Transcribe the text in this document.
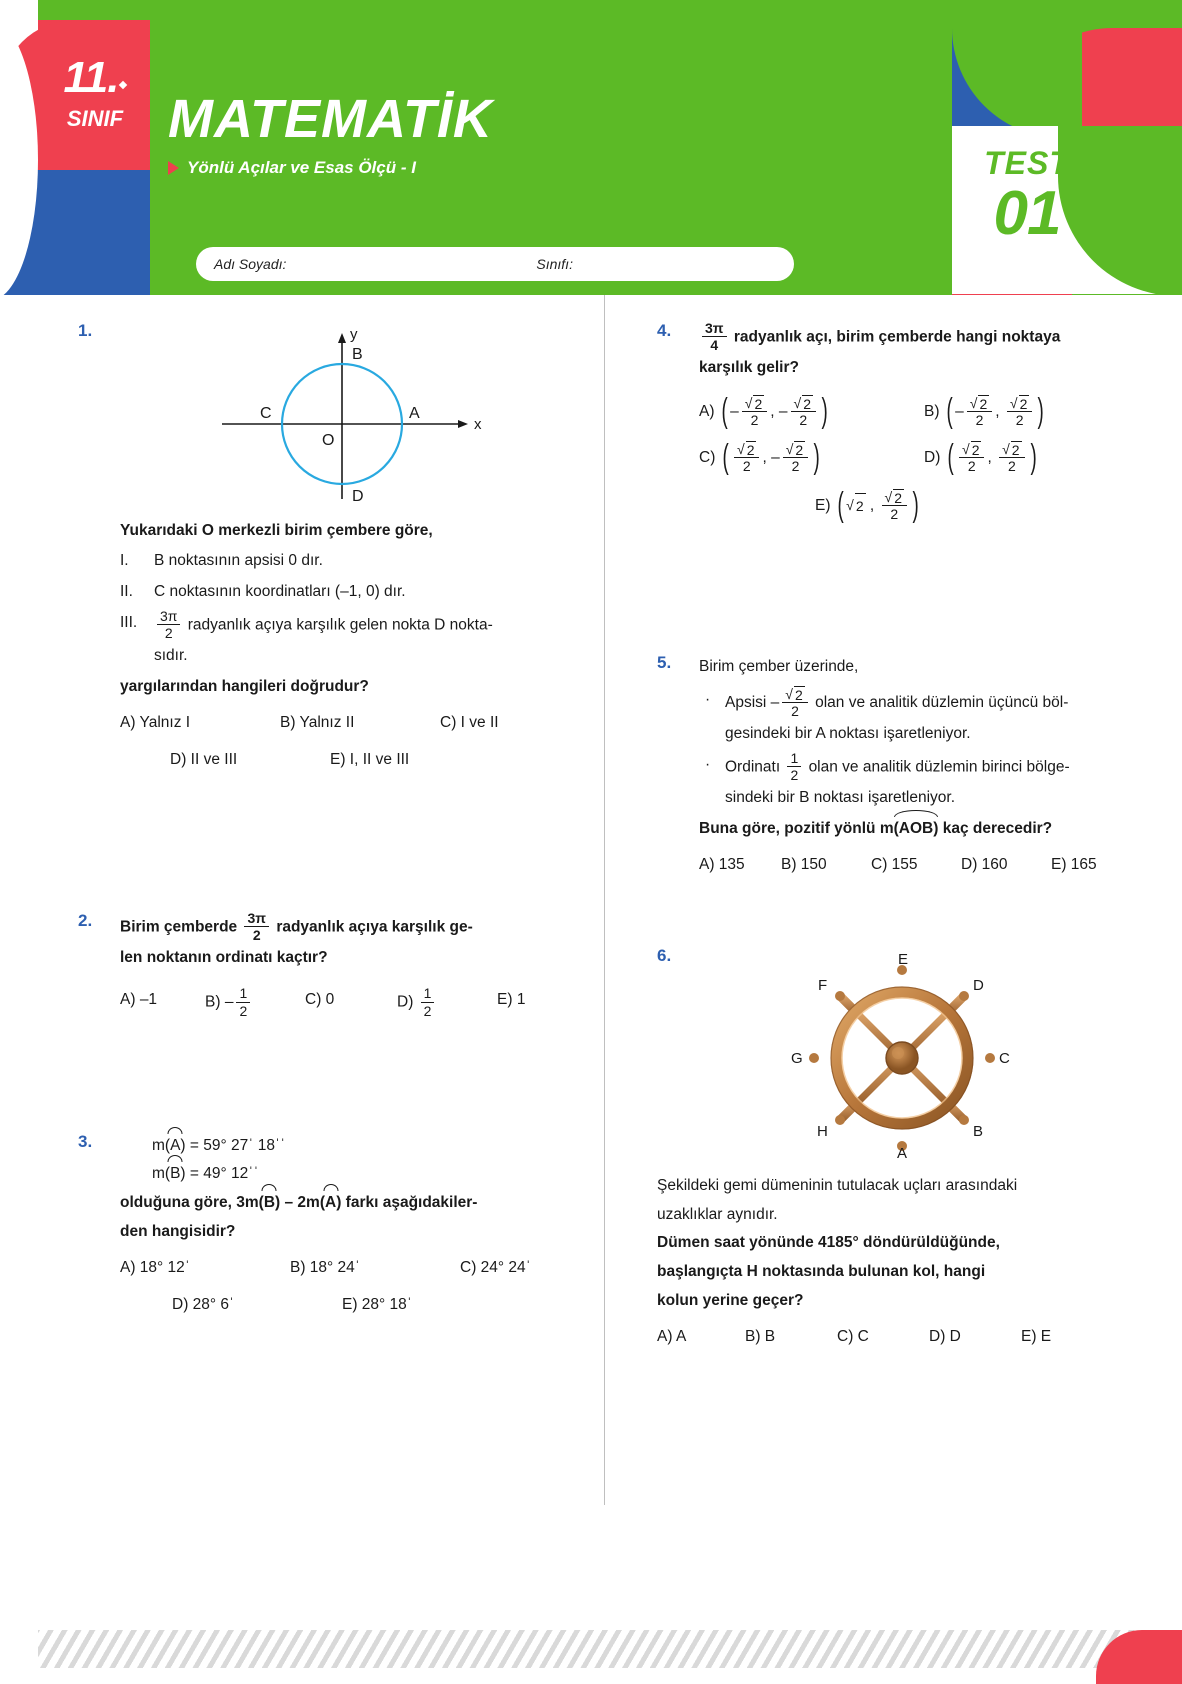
11.
SINIF MATEMATİK
Yönlü Açılar ve Esas Ölçü - I	TEST
01
Adı Soyadı:	Sınıfı:
1.
x
y
B
A
C
D
O
Yukarıdaki O merkezli birim çembere göre,
I.	B noktasının apsisi 0 dır.
II.	C noktasının koordinatları (–1, 0) dır.
III.	$\frac{3\pi}{2}$ radyanlık açıya karşılık gelen nokta D nokta-
sıdır.
yargılarından hangileri doğrudur?
A) Yalnız I	B) Yalnız II	C) I ve II
D) II ve III	E) I, II ve III
2.	Birim çemberde $\frac{3\pi}{2}$ radyanlık açıya karşılık ge-
len noktanın ordinatı kaçtır?
A) –1	$B) - \frac{1}{2}$	C) 0	$D) \frac{1}{2}$	E) 1
3.	m(
A) = 59° 27ˈ 18ˈˈ
m(
B) = 49° 12ˈˈ
olduğuna göre, 3m(
B) – 2m(
A) farkı aşağıdakiler-
den hangisidir?
A) 18° 12ˈ	B) 18° 24ˈ	C) 24° 24ˈ
D) 28° 6ˈ	E) 28° 18ˈ
4.	$\frac{3\pi}{4}$ radyanlık açı, birim çemberde hangi noktaya
karşılık gelir?
A) ( – $\frac{√ 2}{2}$ , – $\frac{√ 2}{2}$ )	B) ( – $\frac{√ 2}{2}$ , $\frac{√ 2}{2}$ )
C) ( $\frac{√ 2}{2}$ , – $\frac{√ 2}{2}$ )	D) ( $\frac{√ 2}{2}$ , $\frac{√ 2}{2}$ )
E) ( √ 2 , $\frac{√ 2}{2}$ )
5.	Birim çember üzerinde,
· Apsisi – $\frac{√ 2}{2}$ olan ve analitik düzlemin üçüncü böl-
gesindeki bir A noktası işaretleniyor.
· Ordinatı $\frac{1}{2}$ olan ve analitik düzlemin birinci bölge-
sindeki bir B noktası işaretleniyor.
Buna göre, pozitif yönlü m(
AOB) kaç derecedir?
A) 135	B) 150	C) 155	D) 160	E) 165
6.	E
D
C
B
A
H
G
F
Şekildeki gemi dümeninin tutulacak uçları arasındaki
uzaklıklar aynıdır.
Dümen saat yönünde 4185° döndürüldüğünde,
başlangıçta H noktasında bulunan kol, hangi
kolun yerine geçer?
A) A	B) B	C) C	D) D	E) E
